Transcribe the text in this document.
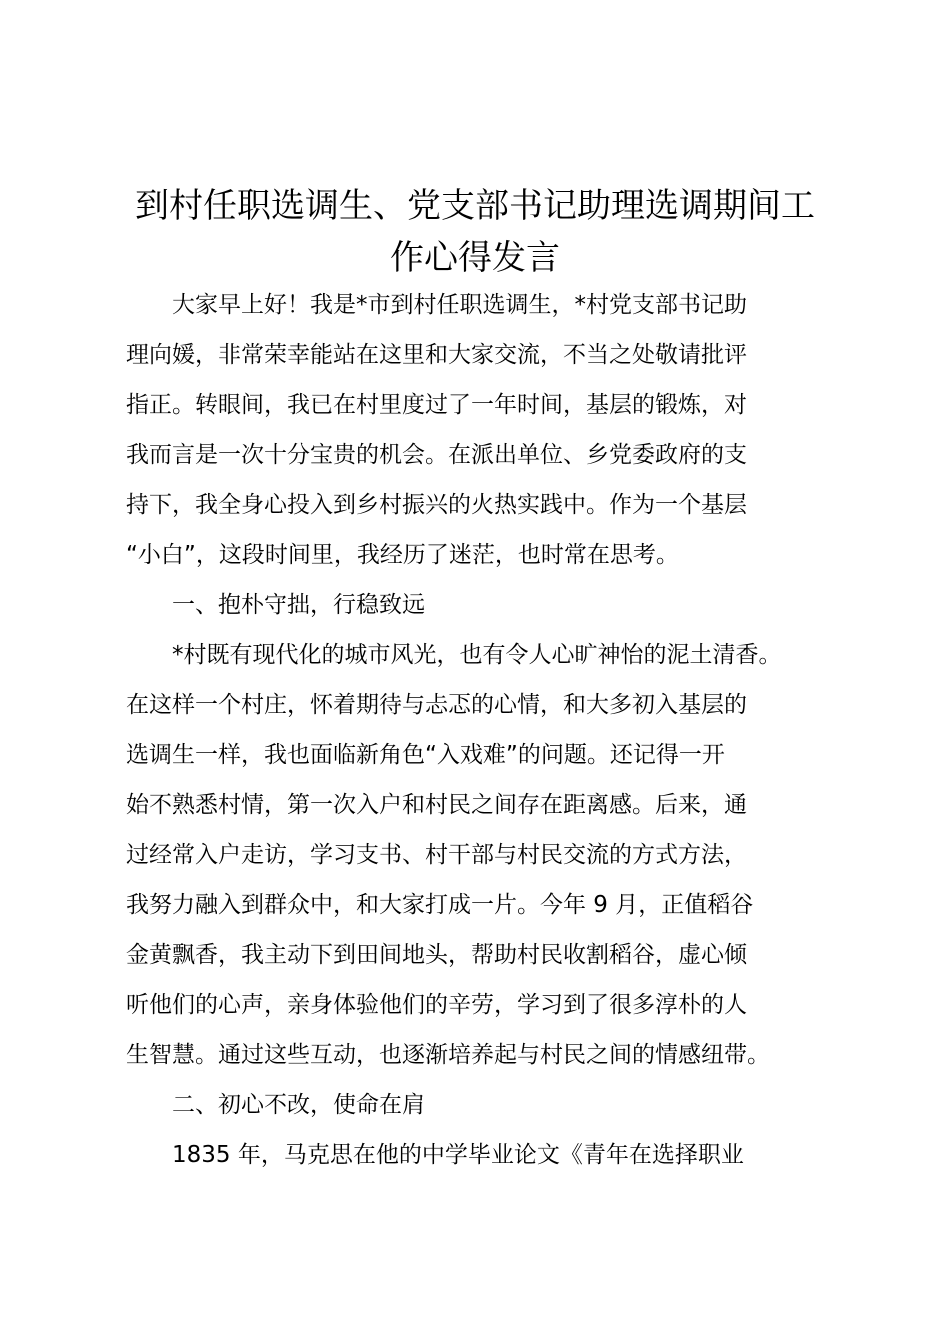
到村任职选调生、党支部书记助理选调期间工
作心得发言
　　大家早上好！我是*市到村任职选调生，*村党支部书记助
理向媛，非常荣幸能站在这里和大家交流，不当之处敬请批评
指正。转眼间，我已在村里度过了一年时间，基层的锻炼，对
我而言是一次十分宝贵的机会。在派出单位、乡党委政府的支
持下，我全身心投入到乡村振兴的火热实践中。作为一个基层
“小白”，这段时间里，我经历了迷茫，也时常在思考。
　　一、抱朴守拙，行稳致远
　　*村既有现代化的城市风光，也有令人心旷神怡的泥土清香。
在这样一个村庄，怀着期待与忐忑的心情，和大多初入基层的
选调生一样，我也面临新角色“入戏难”的问题。还记得一开
始不熟悉村情，第一次入户和村民之间存在距离感。后来，通
过经常入户走访，学习支书、村干部与村民交流的方式方法，
我努力融入到群众中，和大家打成一片。今年 9 月，正值稻谷
金黄飘香，我主动下到田间地头，帮助村民收割稻谷，虚心倾
听他们的心声，亲身体验他们的辛劳，学习到了很多淳朴的人
生智慧。通过这些互动，也逐渐培养起与村民之间的情感纽带。
　　二、初心不改，使命在肩
　　1835 年，马克思在他的中学毕业论文《青年在选择职业
